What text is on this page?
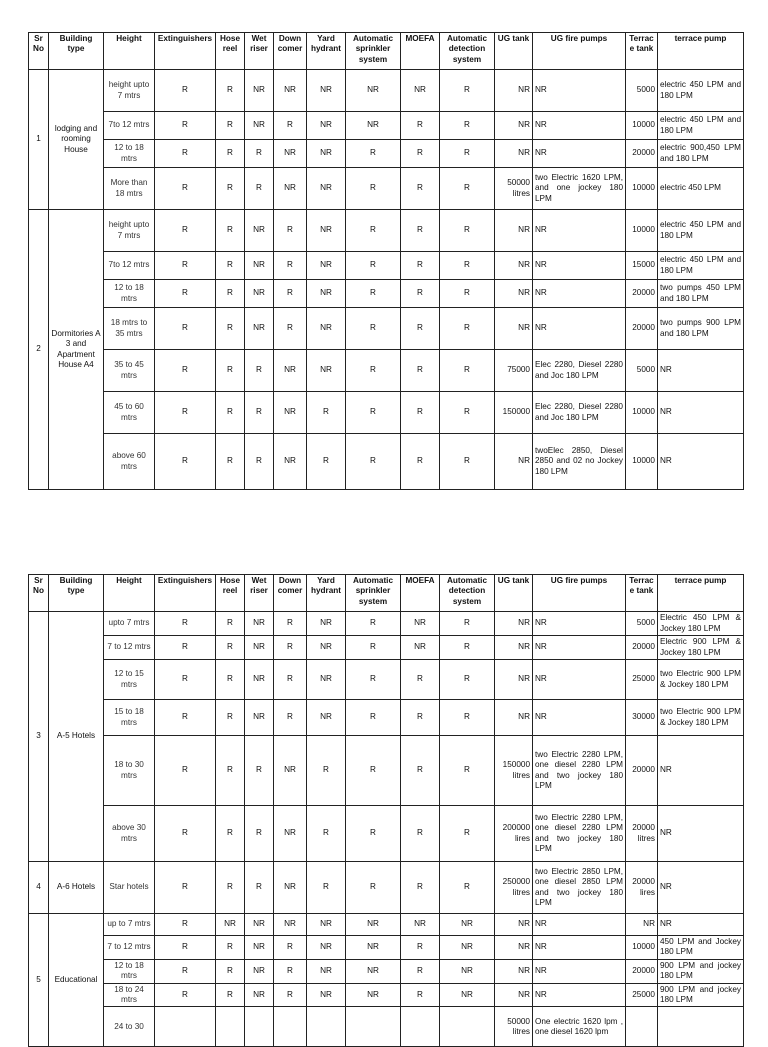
Sr No	Building type	Height	Extinguishers	Hose reel	Wet riser	Down comer	Yard hydrant	Automatic sprinkler system	MOEFA	Automatic detection system	UG tank	UG fire pumps	Terrace tank	terrace pump
1	lodging and rooming House	height upto 7 mtrs	R	R	NR	NR	NR	NR	NR	R	NR	NR	5000	electric 450 LPM and 180 LPM
		7to 12 mtrs	R	R	NR	R	NR	NR	R	R	NR	NR	10000	electric 450 LPM and 180 LPM
		12 to 18 mtrs	R	R	R	NR	NR	R	R	R	NR	NR	20000	electric 900,450 LPM and 180 LPM
		More than 18 mtrs	R	R	R	NR	NR	R	R	R	50000 litres	two Electric 1620 LPM, and one jockey 180 LPM	10000	electric 450 LPM
2	Dormitories A 3 and Apartment House A4	height upto 7 mtrs	R	R	NR	R	NR	R	R	R	NR	NR	10000	electric 450 LPM and 180 LPM
		7to 12 mtrs	R	R	NR	R	NR	R	R	R	NR	NR	15000	electric 450 LPM and 180 LPM
		12 to 18 mtrs	R	R	NR	R	NR	R	R	R	NR	NR	20000	two pumps 450 LPM and 180 LPM
		18 mtrs to 35 mtrs	R	R	NR	R	NR	R	R	R	NR	NR	20000	two pumps 900 LPM and 180 LPM
		35 to 45 mtrs	R	R	R	NR	NR	R	R	R	75000	Elec 2280, Diesel 2280 and Joc 180 LPM	5000	NR
		45 to 60 mtrs	R	R	R	NR	R	R	R	R	150000	Elec 2280, Diesel 2280 and Joc 180 LPM	10000	NR
		above 60 mtrs	R	R	R	NR	R	R	R	R	NR	twoElec 2850, Diesel 2850 and 02 no Jockey 180 LPM	10000	NR
Sr No	Building type	Height	Extinguishers	Hose reel	Wet riser	Down comer	Yard hydrant	Automatic sprinkler system	MOEFA	Automatic detection system	UG tank	UG fire pumps	Terrace tank	terrace pump
3	A-5 Hotels	upto 7 mtrs	R	R	NR	R	NR	R	NR	R	NR	NR	5000	Electric 450 LPM & Jockey 180 LPM
		7 to 12 mtrs	R	R	NR	R	NR	R	NR	R	NR	NR	20000	Electric 900 LPM & Jockey 180 LPM
		12 to 15 mtrs	R	R	NR	R	NR	R	R	R	NR	NR	25000	two Electric 900 LPM & Jockey 180 LPM
		15 to 18 mtrs	R	R	NR	R	NR	R	R	R	NR	NR	30000	two Electric 900 LPM & Jockey 180 LPM
		18 to 30 mtrs	R	R	R	NR	R	R	R	R	150000 litres	two Electric 2280 LPM, one diesel 2280 LPM and two jockey 180 LPM	20000	NR
		above 30 mtrs	R	R	R	NR	R	R	R	R	200000 lires	two Electric 2280 LPM, one diesel 2280 LPM and two jockey 180 LPM	20000 litres	NR
4	A-6 Hotels	Star hotels	R	R	R	NR	R	R	R	R	250000 litres	two Electric 2850 LPM, one diesel 2850 LPM and two jockey 180 LPM	20000 lires	NR
5	Educational	up to 7 mtrs	R	NR	NR	NR	NR	NR	NR	NR	NR	NR	NR	NR
		7 to 12 mtrs	R	R	NR	R	NR	NR	R	NR	NR	NR	10000	450 LPM and Jockey 180 LPM
		12 to 18 mtrs	R	R	NR	R	NR	NR	R	NR	NR	NR	20000	900 LPM and jockey 180 LPM
		18 to 24 mtrs	R	R	NR	R	NR	NR	R	NR	NR	NR	25000	900 LPM and jockey 180 LPM
		24 to 30									50000 litres	One electric 1620 lpm , one diesel 1620 lpm		
